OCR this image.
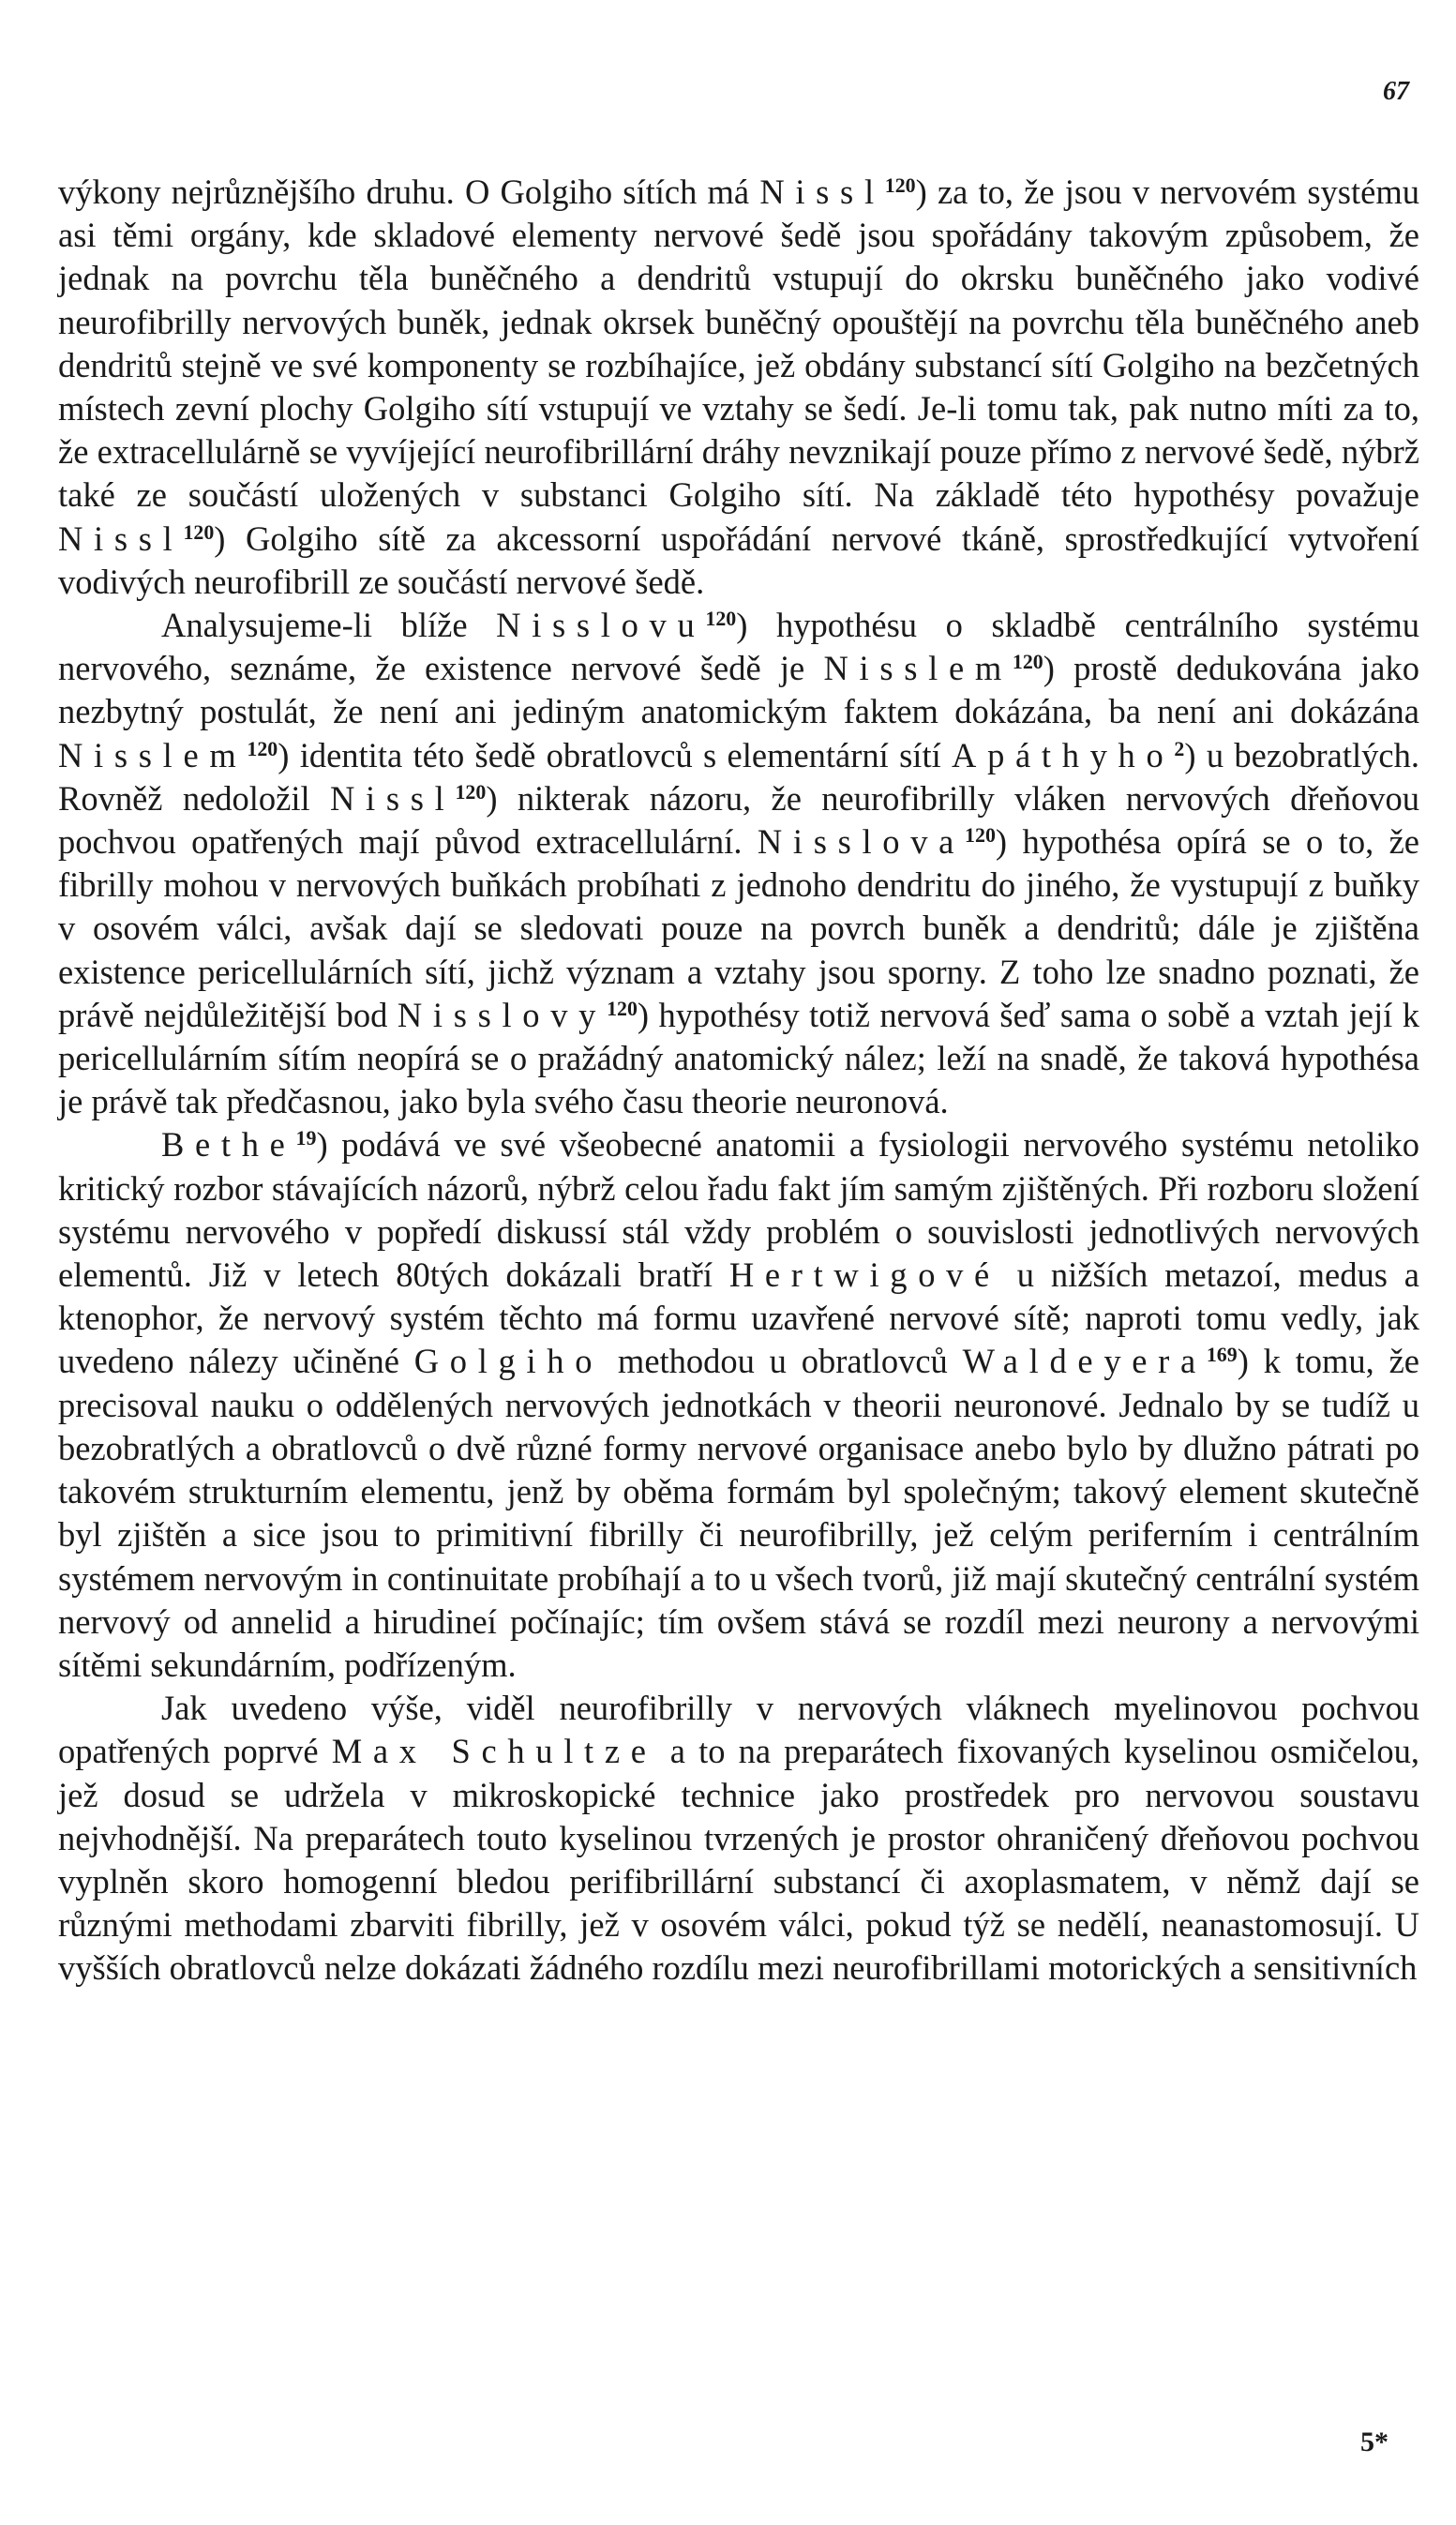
67

výkony nejrůznějšího druhu. O Golgiho sítích má Nissl$^{120}$) za to, že jsou v nervovém systému asi těmi orgány, kde skladové elementy nervové šedě jsou spořádány takovým způsobem, že jednak na povrchu těla buněčného a dendritů vstupují do okrsku buněčného jako vodivé neurofibrilly nervových buněk, jednak okrsek buněčný opouštějí na povrchu těla buněčného aneb dendritů stejně ve své komponenty se rozbíhajíce, jež obdány substancí sítí Golgiho na bezčetných místech zevní plochy Golgiho sítí vstupují ve vztahy se šedí. Je-li tomu tak, pak nutno míti za to, že extracellulárně se vyvíjející neurofibrillární dráhy nevznikají pouze přímo z nervové šedě, nýbrž také ze součástí uložených v substanci Golgiho sítí. Na základě této hypothésy považuje Nissl$^{120}$) Golgiho sítě za akcessorní uspořádání nervové tkáně, sprostředkující vytvoření vodivých neurofibrill ze součástí nervové šedě.

Analysujeme-li blíže Nisslovu$^{120}$) hypothésu o skladbě centrálního systému nervového, seznáme, že existence nervové šedě je Nisslem$^{120}$) prostě dedukována jako nezbytný postulát, že není ani jediným anatomickým faktem dokázána, ba není ani dokázána Nisslem$^{120}$) identita této šedě obratlovců s elementární sítí Apáthyho$^2$) u bezobratlých. Rovněž nedoložil Nissl$^{120}$) nikterak názoru, že neurofibrilly vláken nervových dřeňovou pochvou opatřených mají původ extracellulární. Nisslova$^{120}$) hypothésa opírá se o to, že fibrilly mohou v nervových buňkách probíhati z jednoho dendritu do jiného, že vystupují z buňky v osovém válci, avšak dají se sledovati pouze na povrch buněk a dendritů; dále je zjištěna existence pericellulárních sítí, jichž význam a vztahy jsou sporny. Z toho lze snadno poznati, že právě nejdůležitější bod Nisslovy$^{120}$) hypothésy totiž nervová šeď sama o sobě a vztah její k pericellulárním sítím neopírá se o pražádný anatomický nález; leží na snadě, že taková hypothésa je právě tak předčasnou, jako byla svého času theorie neuronová.

Bethe$^{19}$) podává ve své všeobecné anatomii a fysiologii nervového systému netoliko kritický rozbor stávajících názorů, nýbrž celou řadu fakt jím samým zjištěných. Při rozboru složení systému nervového v popředí diskussí stál vždy problém o souvislosti jednotlivých nervových elementů. Již v letech 80tých dokázali bratří Hertwigové u nižších metazoí, medus a ktenophor, že nervový systém těchto má formu uzavřené nervové sítě; naproti tomu vedly, jak uvedeno nálezy učiněné Golgiho methodou u obratlovců Waldeyera$^{169}$) k tomu, že precisoval nauku o oddělených nervových jednotkách v theorii neuronové. Jednalo by se tudíž u bezobratlých a obratlovců o dvě různé formy nervové organisace anebo bylo by dlužno pátrati po takovém strukturním elementu, jenž by oběma formám byl společným; takový element skutečně byl zjištěn a sice jsou to primitivní fibrilly či neurofibrilly, jež celým periferním i centrálním systémem nervovým in continuitate probíhají a to u všech tvorů, již mají skutečný centrální systém nervový od annelid a hirudineí počínajíc; tím ovšem stává se rozdíl mezi neurony a nervovými sítěmi sekundárním, podřízeným.

Jak uvedeno výše, viděl neurofibrilly v nervových vláknech myelinovou pochvou opatřených poprvé Max Schultze a to na preparátech fixovaných kyselinou osmičelou, jež dosud se udržela v mikroskopické technice jako prostředek pro nervovou soustavu nejvhodnější. Na preparátech touto kyselinou tvrzených je prostor ohraničený dřeňovou pochvou vyplněn skoro homogenní bledou perifibrillární substancí či axoplasmatem, v němž dají se různými methodami zbarviti fibrilly, jež v osovém válci, pokud týž se nedělí, neanastomosují. U vyšších obratlovců nelze dokázati žádného rozdílu mezi neurofibrillami motorických a sensitivních

5*
